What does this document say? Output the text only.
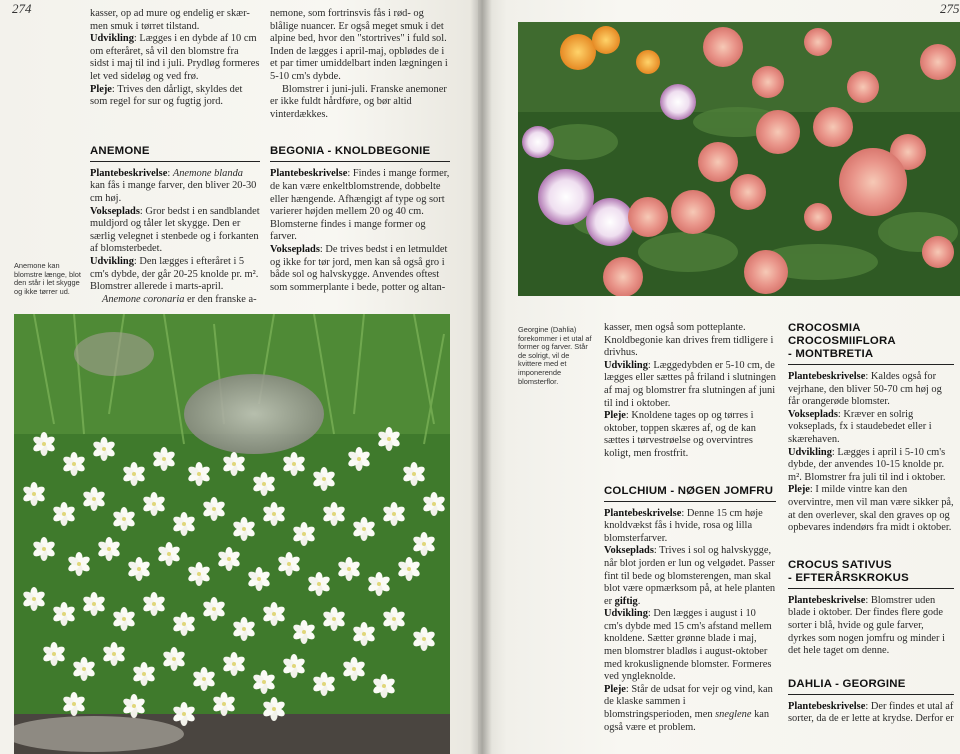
274	kasser, op ad mure og endelig er skær-
men smuk i tørret tilstand.

Udvikling: Lægges i en dybde af 10 cm om efteråret, så vil den blomstre fra sidst i maj til ind i juli. Prydløg formeres let ved sideløg og ved frø.

Pleje: Trives den dårligt, skyldes det som regel for sur og fugtig jord.

ANEMONE

Plantebeskrivelse: Anemone blanda kan fås i mange farver, den bliver 20-30 cm høj.

Vokseplads: Gror bedst i en sandblandet muldjord og tåler let skygge. Den er særlig velegnet i stenbede og i forkanten af blomsterbedet.

Udvikling: Den lægges i efteråret i 5 cm's dybde, der går 20-25 knolde pr. m². Blomstrer allerede i marts-april.

Anemone coronaria er den franske a-

nemone, som fortrinsvis fås i rød- og blålige nuancer. Er også meget smuk i det alpine bed, hvor den "stortrives" i fuld sol. Inden de lægges i april-maj, opblødes de i et par timer umiddelbart inden lægningen i 5-10 cm's dybde.

Blomstrer i juni-juli. Franske anemoner er ikke fuldt hårdføre, og bør altid vinterdækkes.

BEGONIA - KNOLDBEGONIE

Plantebeskrivelse: Findes i mange former, de kan være enkeltblomstrende, dobbelte eller hængende. Afhængigt af type og sort varierer højden mellem 20 og 40 cm. Blomsterne findes i mange former og farver.

Vokseplads: De trives bedst i en letmuldet og ikke for tør jord, men kan så også gro i både sol og halvskygge. Anvendes oftest som sommerplante i bede, potter og altan-

Anemone kan blomstre længe, blot den står i let skygge og ikke tørrer ud.
275
Georgine (Dahlia) forekommer i et utal af former og farver. Står de solrigt, vil de kvittere med et imponerende blomsterflor.

kasser, men også som potteplante. Knoldbegonie kan drives frem tidligere i drivhus.

Udvikling: Læggedybden er 5-10 cm, de lægges eller sættes på friland i slutningen af maj og blomstrer fra slutningen af juni til ind i oktober.

Pleje: Knoldene tages op og tørres i oktober, toppen skæres af, og de kan sættes i tørvestrøelse og overvintres koligt, men frostfrit.

COLCHIUM - NØGEN JOMFRU

Plantebeskrivelse: Denne 15 cm høje knoldvækst fås i hvide, rosa og lilla blomsterfarver.

Vokseplads: Trives i sol og halvskygge, når blot jorden er lun og velgødet. Passer fint til bede og blomsterengen, man skal blot være opmærksom på, at hele planten er giftig.

Udvikling: Den lægges i august i 10 cm's dybde med 15 cm's afstand mellem knoldene. Sætter grønne blade i maj, men blomstrer bladløs i august-oktober med krokuslignende blomster. Formeres ved yngleknolde.

Pleje: Står de udsat for vejr og vind, kan de klaske sammen i blomstringsperioden, men sneglene kan også være et problem.

CROCOSMIA CROCOSMIIFLORA
- MONTBRETIA

Plantebeskrivelse: Kaldes også for vejrhane, den bliver 50-70 cm høj og får orangerøde blomster.

Vokseplads: Kræver en solrig vokseplads, fx i staudebedet eller i skærehaven.

Udvikling: Lægges i april i 5-10 cm's dybde, der anvendes 10-15 knolde pr. m². Blomstrer fra juli til ind i oktober.

Pleje: I milde vintre kan den overvintre, men vil man være sikker på, at den overlever, skal den graves op og opbevares indendørs fra midt i oktober.

CROCUS SATIVUS
- EFTERÅRSKROKUS

Plantebeskrivelse: Blomstrer uden blade i oktober. Der findes flere gode sorter i blå, hvide og gule farver, dyrkes som nogen jomfru og minder i det hele taget om denne.

DAHLIA - GEORGINE

Plantebeskrivelse: Der findes et utal af sorter, da de er lette at krydse. Derfor er
